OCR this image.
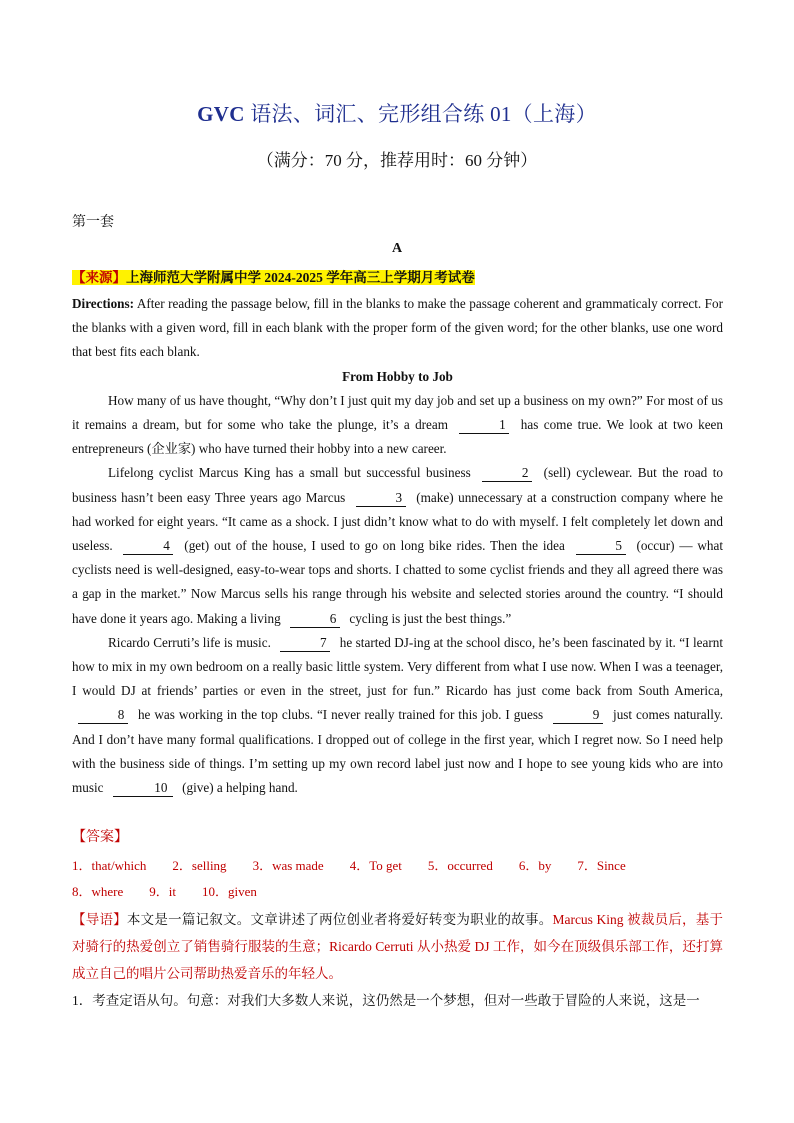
GVC 语法、词汇、完形组合练 01（上海）
（满分：70 分，推荐用时：60 分钟）
第一套
A
【来源】上海师范大学附属中学 2024-2025 学年高三上学期月考试卷

Directions: After reading the passage below, fill in the blanks to make the passage coherent and grammaticaly correct. For the blanks with a given word, fill in each blank with the proper form of the given word; for the other blanks, use one word that best fits each blank.

From Hobby to Job

How many of us have thought, “Why don’t I just quit my day job and set up a business on my own?” For most of us it remains a dream, but for some who take the plunge, it’s a dream	1 has come true. We look at two keen entrepreneurs (企业家) who have turned their hobby into a new career.

Lifelong cyclist Marcus King has a small but successful business	2 (sell) cyclewear. But the road to business hasn’t been easy Three years ago Marcus	3 (make) unnecessary at a construction company where he had worked for eight years. “It came as a shock. I just didn’t know what to do with myself. I felt completely let down and useless.	4 (get) out of the house, I used to go on long bike rides. Then the idea	5 (occur) — what cyclists need is well-designed, easy-to-wear tops and shorts. I chatted to some cyclist friends and they all agreed there was a gap in the market.” Now Marcus sells his range through his website and selected stories around the country. “I should have done it years ago. Making a living	6 cycling is just the best things.”

Ricardo Cerruti’s life is music.	7 he started DJ-ing at the school disco, he’s been fascinated by it. “I learnt how to mix in my own bedroom on a really basic little system. Very different from what I use now. When I was a teenager, I would DJ at friends’ parties or even in the street, just for fun.” Ricardo has just come back from South America, 8 he was working in the top clubs. “I never really trained for this job. I guess	9 just comes naturally. And I don’t have many formal qualifications. I dropped out of college in the first year, which I regret now. So I need help with the business side of things. I’m setting up my own record label just now and I hope to see young kids who are into music	10 (give) a helping hand.

【答案】
1．that/which 2．selling 3．was made 4．To get 5．occurred 6．by 7．Since8．where 9．it 10．given
【导语】本文是一篇记叙文。文章讲述了两位创业者将爱好转变为职业的故事。Marcus King 被裁员后，基于对骑行的热爱创立了销售骑行服装的生意；Ricardo Cerruti 从小热爱 DJ 工作，如今在顶级俱乐部工作，还打算成立自己的唱片公司帮助热爱音乐的年轻人。
1．考查定语从句。句意：对我们大多数人来说，这仍然是一个梦想，但对一些敢于冒险的人来说，这是一
